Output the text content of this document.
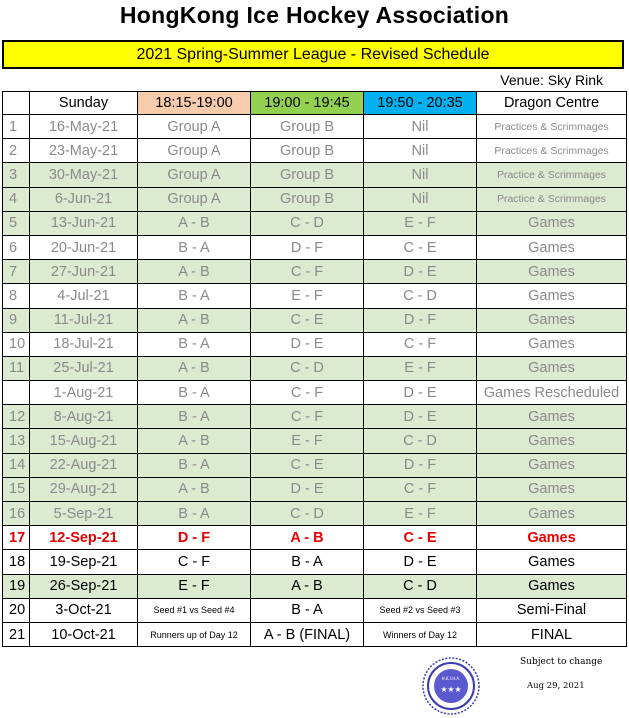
HongKong Ice Hockey Association
2021 Spring-Summer League - Revised Schedule
Venue: Sky Rink
	Sunday	18:15-19:00	19:00 - 19:45	19:50 - 20:35	Dragon Centre
1	16-May-21	Group A	Group B	Nil	Practices & Scrimmages
2	23-May-21	Group A	Group B	Nil	Practices & Scrimmages
3	30-May-21	Group A	Group B	Nil	Practice & Scrimmages
4	6-Jun-21	Group A	Group B	Nil	Practice & Scrimmages
5	13-Jun-21	A - B	C - D	E - F	Games
6	20-Jun-21	B - A	D - F	C - E	Games
7	27-Jun-21	A - B	C - F	D - E	Games
8	4-Jul-21	B - A	E - F	C - D	Games
9	11-Jul-21	A - B	C - E	D - F	Games
10	18-Jul-21	B - A	D - E	C - F	Games
11	25-Jul-21	A - B	C - D	E - F	Games
	1-Aug-21	B - A	C - F	D - E	Games Rescheduled
12	8-Aug-21	B - A	C - F	D - E	Games
13	15-Aug-21	A - B	E - F	C - D	Games
14	22-Aug-21	B - A	C - E	D - F	Games
15	29-Aug-21	A - B	D - E	C - F	Games
16	5-Sep-21	B - A	C - D	E - F	Games
17	12-Sep-21	D - F	A - B	C - E	Games
18	19-Sep-21	C - F	B - A	D - E	Games
19	26-Sep-21	E - F	A - B	C - D	Games
20	3-Oct-21	Seed #1 vs Seed #4	B - A	Seed #2 vs Seed #3	Semi-Final
21	10-Oct-21	Runners up of Day 12	A - B (FINAL)	Winners of Day 12	FINAL
H.K.I.H.A.
★ ★ ★
Subject to change
Aug 29, 2021
